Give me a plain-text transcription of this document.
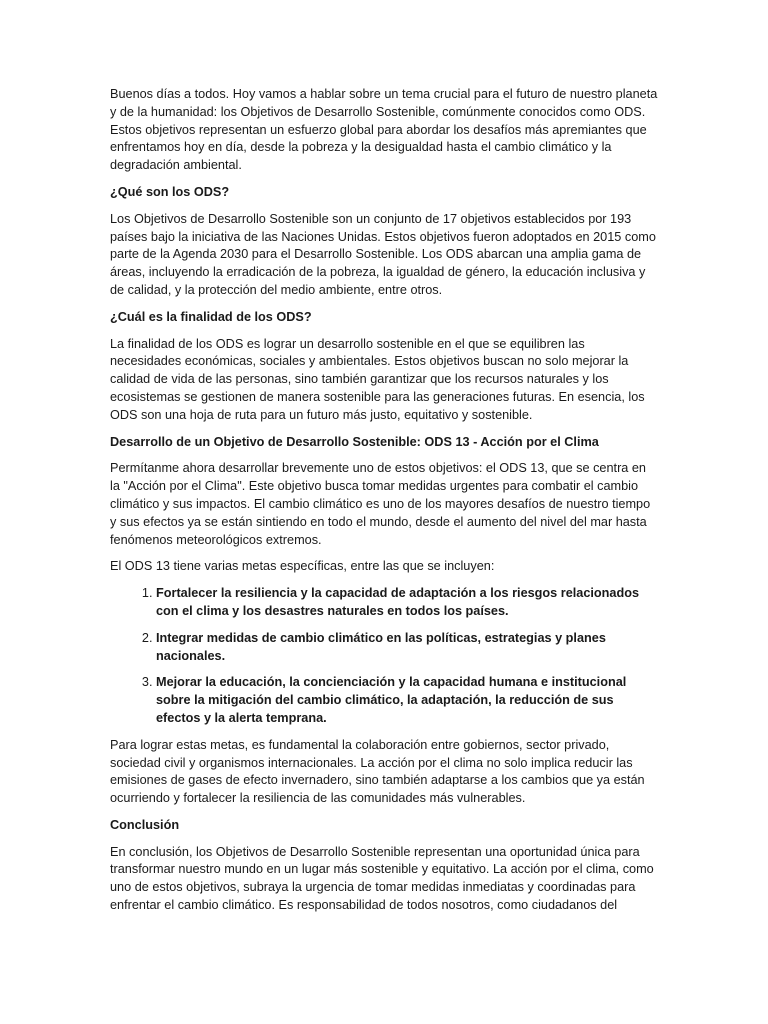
Buenos días a todos. Hoy vamos a hablar sobre un tema crucial para el futuro de nuestro planeta y de la humanidad: los Objetivos de Desarrollo Sostenible, comúnmente conocidos como ODS. Estos objetivos representan un esfuerzo global para abordar los desafíos más apremiantes que enfrentamos hoy en día, desde la pobreza y la desigualdad hasta el cambio climático y la degradación ambiental.

¿Qué son los ODS?

Los Objetivos de Desarrollo Sostenible son un conjunto de 17 objetivos establecidos por 193 países bajo la iniciativa de las Naciones Unidas. Estos objetivos fueron adoptados en 2015 como parte de la Agenda 2030 para el Desarrollo Sostenible. Los ODS abarcan una amplia gama de áreas, incluyendo la erradicación de la pobreza, la igualdad de género, la educación inclusiva y de calidad, y la protección del medio ambiente, entre otros.

¿Cuál es la finalidad de los ODS?

La finalidad de los ODS es lograr un desarrollo sostenible en el que se equilibren las necesidades económicas, sociales y ambientales. Estos objetivos buscan no solo mejorar la calidad de vida de las personas, sino también garantizar que los recursos naturales y los ecosistemas se gestionen de manera sostenible para las generaciones futuras. En esencia, los ODS son una hoja de ruta para un futuro más justo, equitativo y sostenible.

Desarrollo de un Objetivo de Desarrollo Sostenible: ODS 13 - Acción por el Clima

Permítanme ahora desarrollar brevemente uno de estos objetivos: el ODS 13, que se centra en la "Acción por el Clima". Este objetivo busca tomar medidas urgentes para combatir el cambio climático y sus impactos. El cambio climático es uno de los mayores desafíos de nuestro tiempo y sus efectos ya se están sintiendo en todo el mundo, desde el aumento del nivel del mar hasta fenómenos meteorológicos extremos.

El ODS 13 tiene varias metas específicas, entre las que se incluyen:

1. Fortalecer la resiliencia y la capacidad de adaptación a los riesgos relacionados con el clima y los desastres naturales en todos los países.
2. Integrar medidas de cambio climático en las políticas, estrategias y planes nacionales.
3. Mejorar la educación, la concienciación y la capacidad humana e institucional sobre la mitigación del cambio climático, la adaptación, la reducción de sus efectos y la alerta temprana.

Para lograr estas metas, es fundamental la colaboración entre gobiernos, sector privado, sociedad civil y organismos internacionales. La acción por el clima no solo implica reducir las emisiones de gases de efecto invernadero, sino también adaptarse a los cambios que ya están ocurriendo y fortalecer la resiliencia de las comunidades más vulnerables.

Conclusión

En conclusión, los Objetivos de Desarrollo Sostenible representan una oportunidad única para transformar nuestro mundo en un lugar más sostenible y equitativo. La acción por el clima, como uno de estos objetivos, subraya la urgencia de tomar medidas inmediatas y coordinadas para enfrentar el cambio climático. Es responsabilidad de todos nosotros, como ciudadanos del
